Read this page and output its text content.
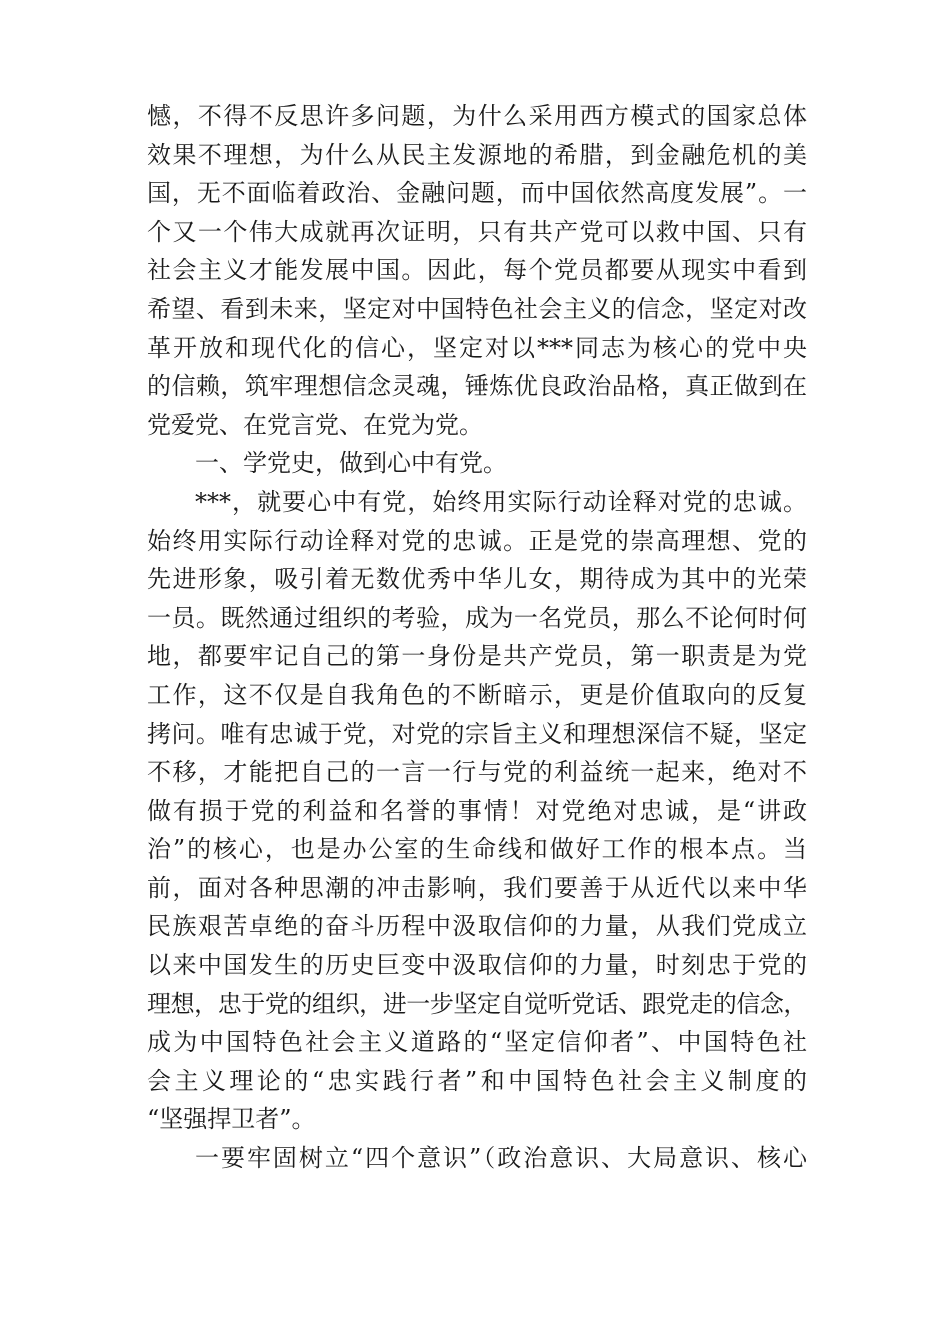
憾，不得不反思许多问题，为什么采用西方模式的国家总体
效果不理想，为什么从民主发源地的希腊，到金融危机的美
国，无不面临着政治、金融问题，而中国依然高度发展”。一
个又一个伟大成就再次证明，只有共产党可以救中国、只有
社会主义才能发展中国。因此，每个党员都要从现实中看到
希望、看到未来，坚定对中国特色社会主义的信念，坚定对改
革开放和现代化的信心，坚定对以***同志为核心的党中央
的信赖，筑牢理想信念灵魂，锤炼优良政治品格，真正做到在
党爱党、在党言党、在党为党。
一、学党史，做到心中有党。
***，就要心中有党，始终用实际行动诠释对党的忠诚。
始终用实际行动诠释对党的忠诚。正是党的崇高理想、党的
先进形象，吸引着无数优秀中华儿女，期待成为其中的光荣
一员。既然通过组织的考验，成为一名党员，那么不论何时何
地，都要牢记自己的第一身份是共产党员，第一职责是为党
工作，这不仅是自我角色的不断暗示，更是价值取向的反复
拷问。唯有忠诚于党，对党的宗旨主义和理想深信不疑，坚定
不移，才能把自己的一言一行与党的利益统一起来，绝对不
做有损于党的利益和名誉的事情！对党绝对忠诚，是“讲政
治”的核心，也是办公室的生命线和做好工作的根本点。当
前，面对各种思潮的冲击影响，我们要善于从近代以来中华
民族艰苦卓绝的奋斗历程中汲取信仰的力量，从我们党成立
以来中国发生的历史巨变中汲取信仰的力量，时刻忠于党的
理想，忠于党的组织，进一步坚定自觉听党话、跟党走的信念，
成为中国特色社会主义道路的“坚定信仰者”、中国特色社
会主义理论的“忠实践行者”和中国特色社会主义制度的
“坚强捍卫者”。
一要牢固树立“四个意识”（政治意识、大局意识、核心
